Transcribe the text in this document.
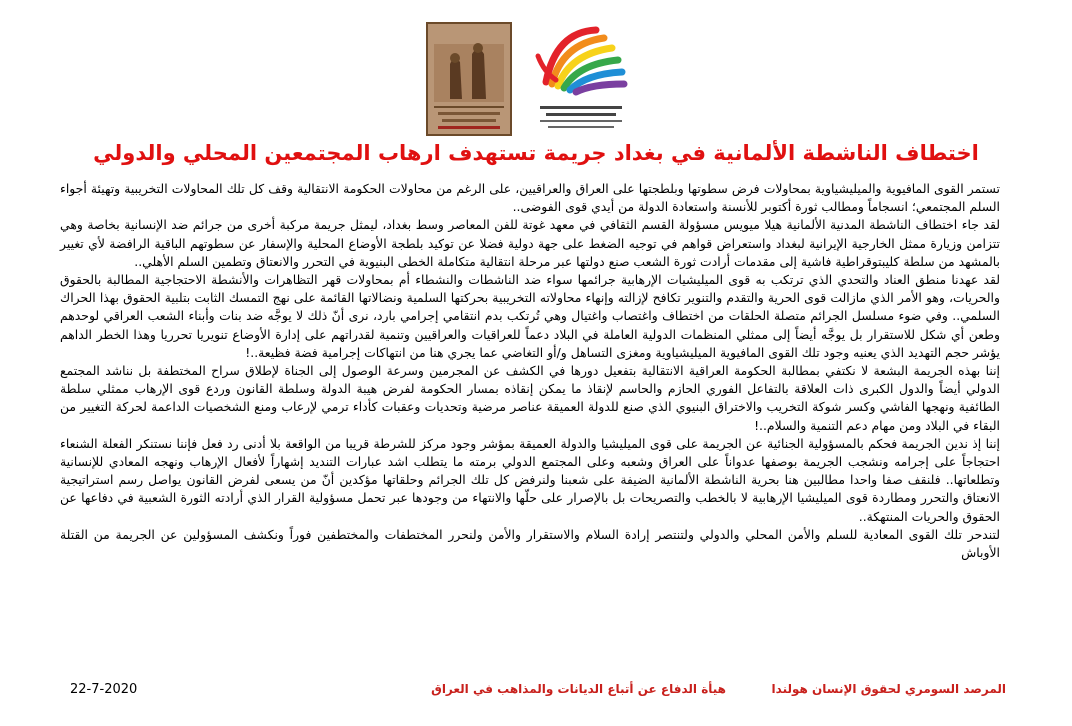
اختطاف الناشطة الألمانية في بغداد جريمة تستهدف ارهاب المجتمعين المحلي والدولي

تستمر القوى المافيوية والميليشياوية بمحاولات فرض سطوتها وبلطجتها على العراق والعراقيين، على الرغم من محاولات الحكومة الانتقالية وقف كل تلك المحاولات التخريبية وتهيئة أجواء السلم المجتمعي؛ انسجاماً ومطالب ثورة أكتوبر للأنسنة واستعادة الدولة من أيدي قوى الفوضى..

لقد جاء اختطاف الناشطة المدنية الألمانية هيلا ميويس مسؤولة القسم الثقافي في معهد غوتة للفن المعاصر وسط بغداد، ليمثل جريمة مركبة أخرى من جرائم ضد الإنسانية بخاصة وهي تتزامن وزيارة ممثل الخارجية الإيرانية لبغداد واستعراض قواهم في توجيه الضغط على جهة دولية فضلا عن توكيد بلطجة الأوضاع المحلية والإسفار عن سطوتهم الباقية الرافضة لأي تغيير بالمشهد من سلطة كليبتوقراطية فاشية إلى مقدمات أرادت ثورة الشعب صنع دولتها عبر مرحلة انتقالية متكاملة الخطى البنيوية في التحرر والانعتاق وتطمين السلم الأهلي..

لقد عهدنا منطق العناد والتحدي الذي ترتكب به قوى الميليشيات الإرهابية جرائمها سواء ضد الناشطات والنشطاء أم بمحاولات قهر التظاهرات والأنشطة الاحتجاجية المطالبة بالحقوق والحريات، وهو الأمر الذي مازالت قوى الحرية والتقدم والتنوير تكافح لإزالته وإنهاء محاولاته التخريبية بحركتها السلمية ونضالاتها القائمة على نهج التمسك الثابت بتلبية الحقوق بهذا الحراك السلمي.. وفي ضوء مسلسل الجرائم متصلة الحلقات من اختطاف واغتصاب واغتيال وهي تُرتكب بدم انتقامي إجرامي بارد، نرى أنّ ذلك لا يوجَّه ضد بنات وأبناء الشعب العراقي لوحدهم وطعن أي شكل للاستقرار بل يوجَّه أيضاً إلى ممثلي المنظمات الدولية العاملة في البلاد دعماً للعراقيات والعراقيين وتنمية لقدراتهم على إدارة الأوضاع تنويريا تحرريا وهذا الخطر الداهم يؤشر حجم التهديد الذي يعنيه وجود تلك القوى المافيوية الميليشياوية ومغزى التساهل و/أو التغاضي عما يجري هنا من انتهاكات إجرامية فضة فظيعة..!

إننا بهذه الجريمة البشعة لا نكتفي بمطالبة الحكومة العراقية الانتقالية بتفعيل دورها في الكشف عن المجرمين وسرعة الوصول إلى الجناة لإطلاق سراح المختطفة بل نناشد المجتمع الدولي أيضاً والدول الكبرى ذات العلاقة بالتفاعل الفوري الحازم والحاسم لإنقاذ ما يمكن إنقاذه بمسار الحكومة لفرض هيبة الدولة وسلطة القانون وردع قوى الإرهاب ممثلي سلطة الطائفية ونهجها الفاشي وكسر شوكة التخريب والاختراق البنيوي الذي صنع للدولة العميقة عناصر مرضية وتحديات وعقبات كأداء ترمي لإرعاب ومنع الشخصيات الداعمة لحركة التغيير من البقاء في البلاد ومن مهام دعم التنمية والسلام..!

إننا إذ ندين الجريمة فحكم بالمسؤولية الجنائية عن الجريمة على قوى الميليشيا والدولة العميقة بمؤشر وجود مركز للشرطة قريبا من الواقعة بلا أدنى رد فعل فإننا نستنكر الفعلة الشنعاء احتجاجاً على إجرامه ونشجب الجريمة بوصفها عدواناً على العراق وشعبه وعلى المجتمع الدولي برمته ما يتطلب اشد عبارات التنديد إشهاراً لأفعال الإرهاب ونهجه المعادي للإنسانية وتطلعاتها.. فلنقف صفا واحدا مطالبين هنا بحرية الناشطة الألمانية الضيفة على شعبنا ولنرفض كل تلك الجرائم وحلقاتها مؤكدين أنّ من يسعى لفرض القانون يواصل رسم استراتيجية الانعتاق والتحرر ومطاردة قوى الميليشيا الإرهابية لا بالخطب والتصريحات بل بالإصرار على حلّها والانتهاء من وجودها عبر تحمل مسؤولية القرار الذي أرادته الثورة الشعبية في دفاعها عن الحقوق والحريات المنتهكة..

لتندحر تلك القوى المعادية للسلم والأمن المحلي والدولي ولتنتصر إرادة السلام والاستقرار والأمن ولنحرر المختطفات والمختطفين فوراً ونكشف المسؤولين عن الجريمة من القتلة الأوباش

المرصد السومري لحقوق الإنسان هولندا
هيأة الدفاع عن أتباع الديانات والمذاهب في العراق
22-7-2020
